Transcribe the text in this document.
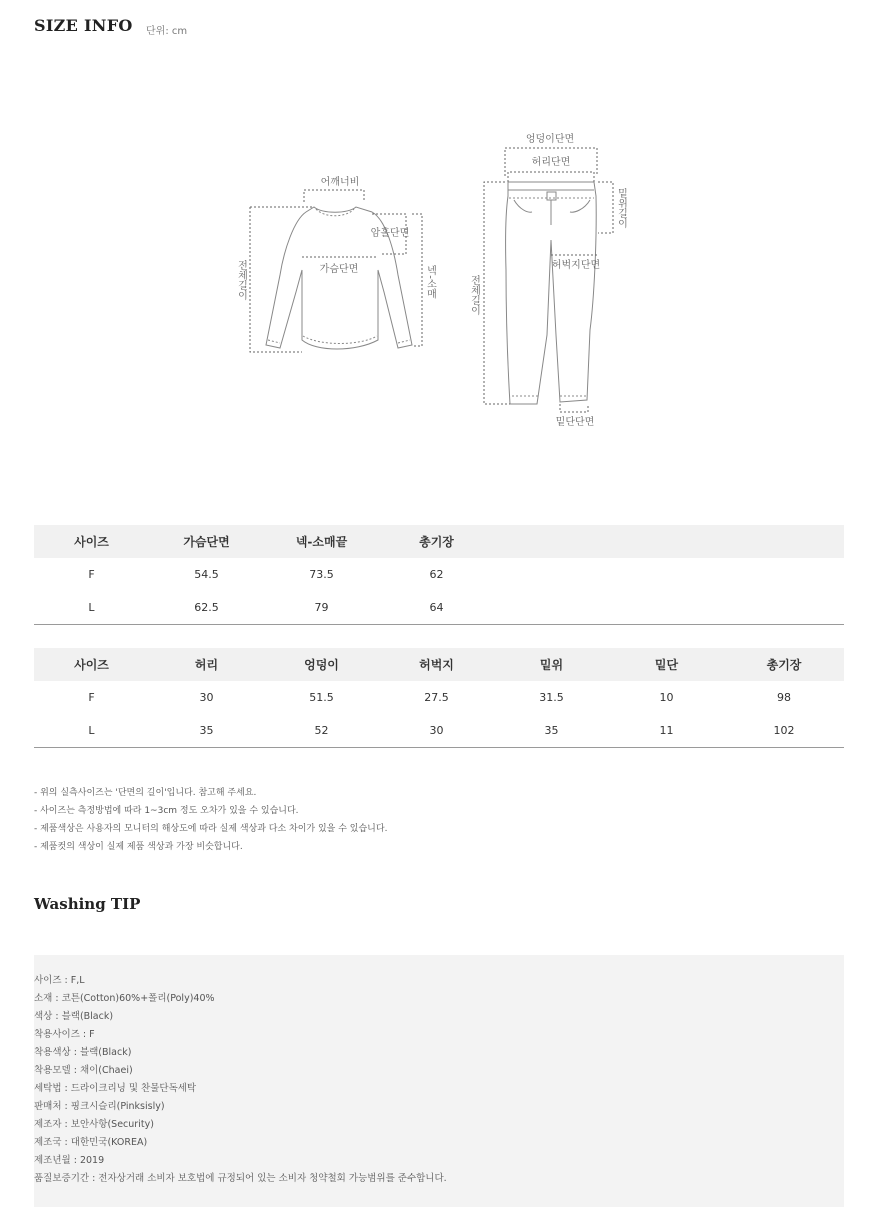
SIZE INFO 단위: cm
어깨너비
암홀단면
가슴단면	넥-소매
전체길이
엉덩이단면
허리단면
밑위길이
허벅지단면
전체길이
밑단단면
사이즈	가슴단면	넥-소매끝	총기장	
F	54.5	73.5	62	
L	62.5	79	64	
사이즈	허리	엉덩이	허벅지	밑위	밑단	총기장
F	30	51.5	27.5	31.5	10	98
L	35	52	30	35	11	102
- 위의 실측사이즈는 '단면의 길이'입니다. 참고해 주세요.
- 사이즈는 측정방법에 따라 1~3cm 정도 오차가 있을 수 있습니다.
- 제품색상은 사용자의 모니터의 해상도에 따라 실제 색상과 다소 차이가 있을 수 있습니다.
- 제품컷의 색상이 실제 제품 색상과 가장 비슷합니다.
Washing TIP
사이즈 : F,L
소재 : 코튼(Cotton)60%+폴리(Poly)40%
색상 : 블랙(Black)
착용사이즈 : F
착용색상 : 블랙(Black)
착용모델 : 채이(Chaei)
세탁법 : 드라이크리닝 및 찬물단독세탁
판매처 : 핑크시슬리(Pinksisly)
제조자 : 보안사항(Security)
제조국 : 대한민국(KOREA)
제조년월 : 2019
품질보증기간 : 전자상거래 소비자 보호법에 규정되어 있는 소비자 청약철회 가능범위를 준수합니다.
